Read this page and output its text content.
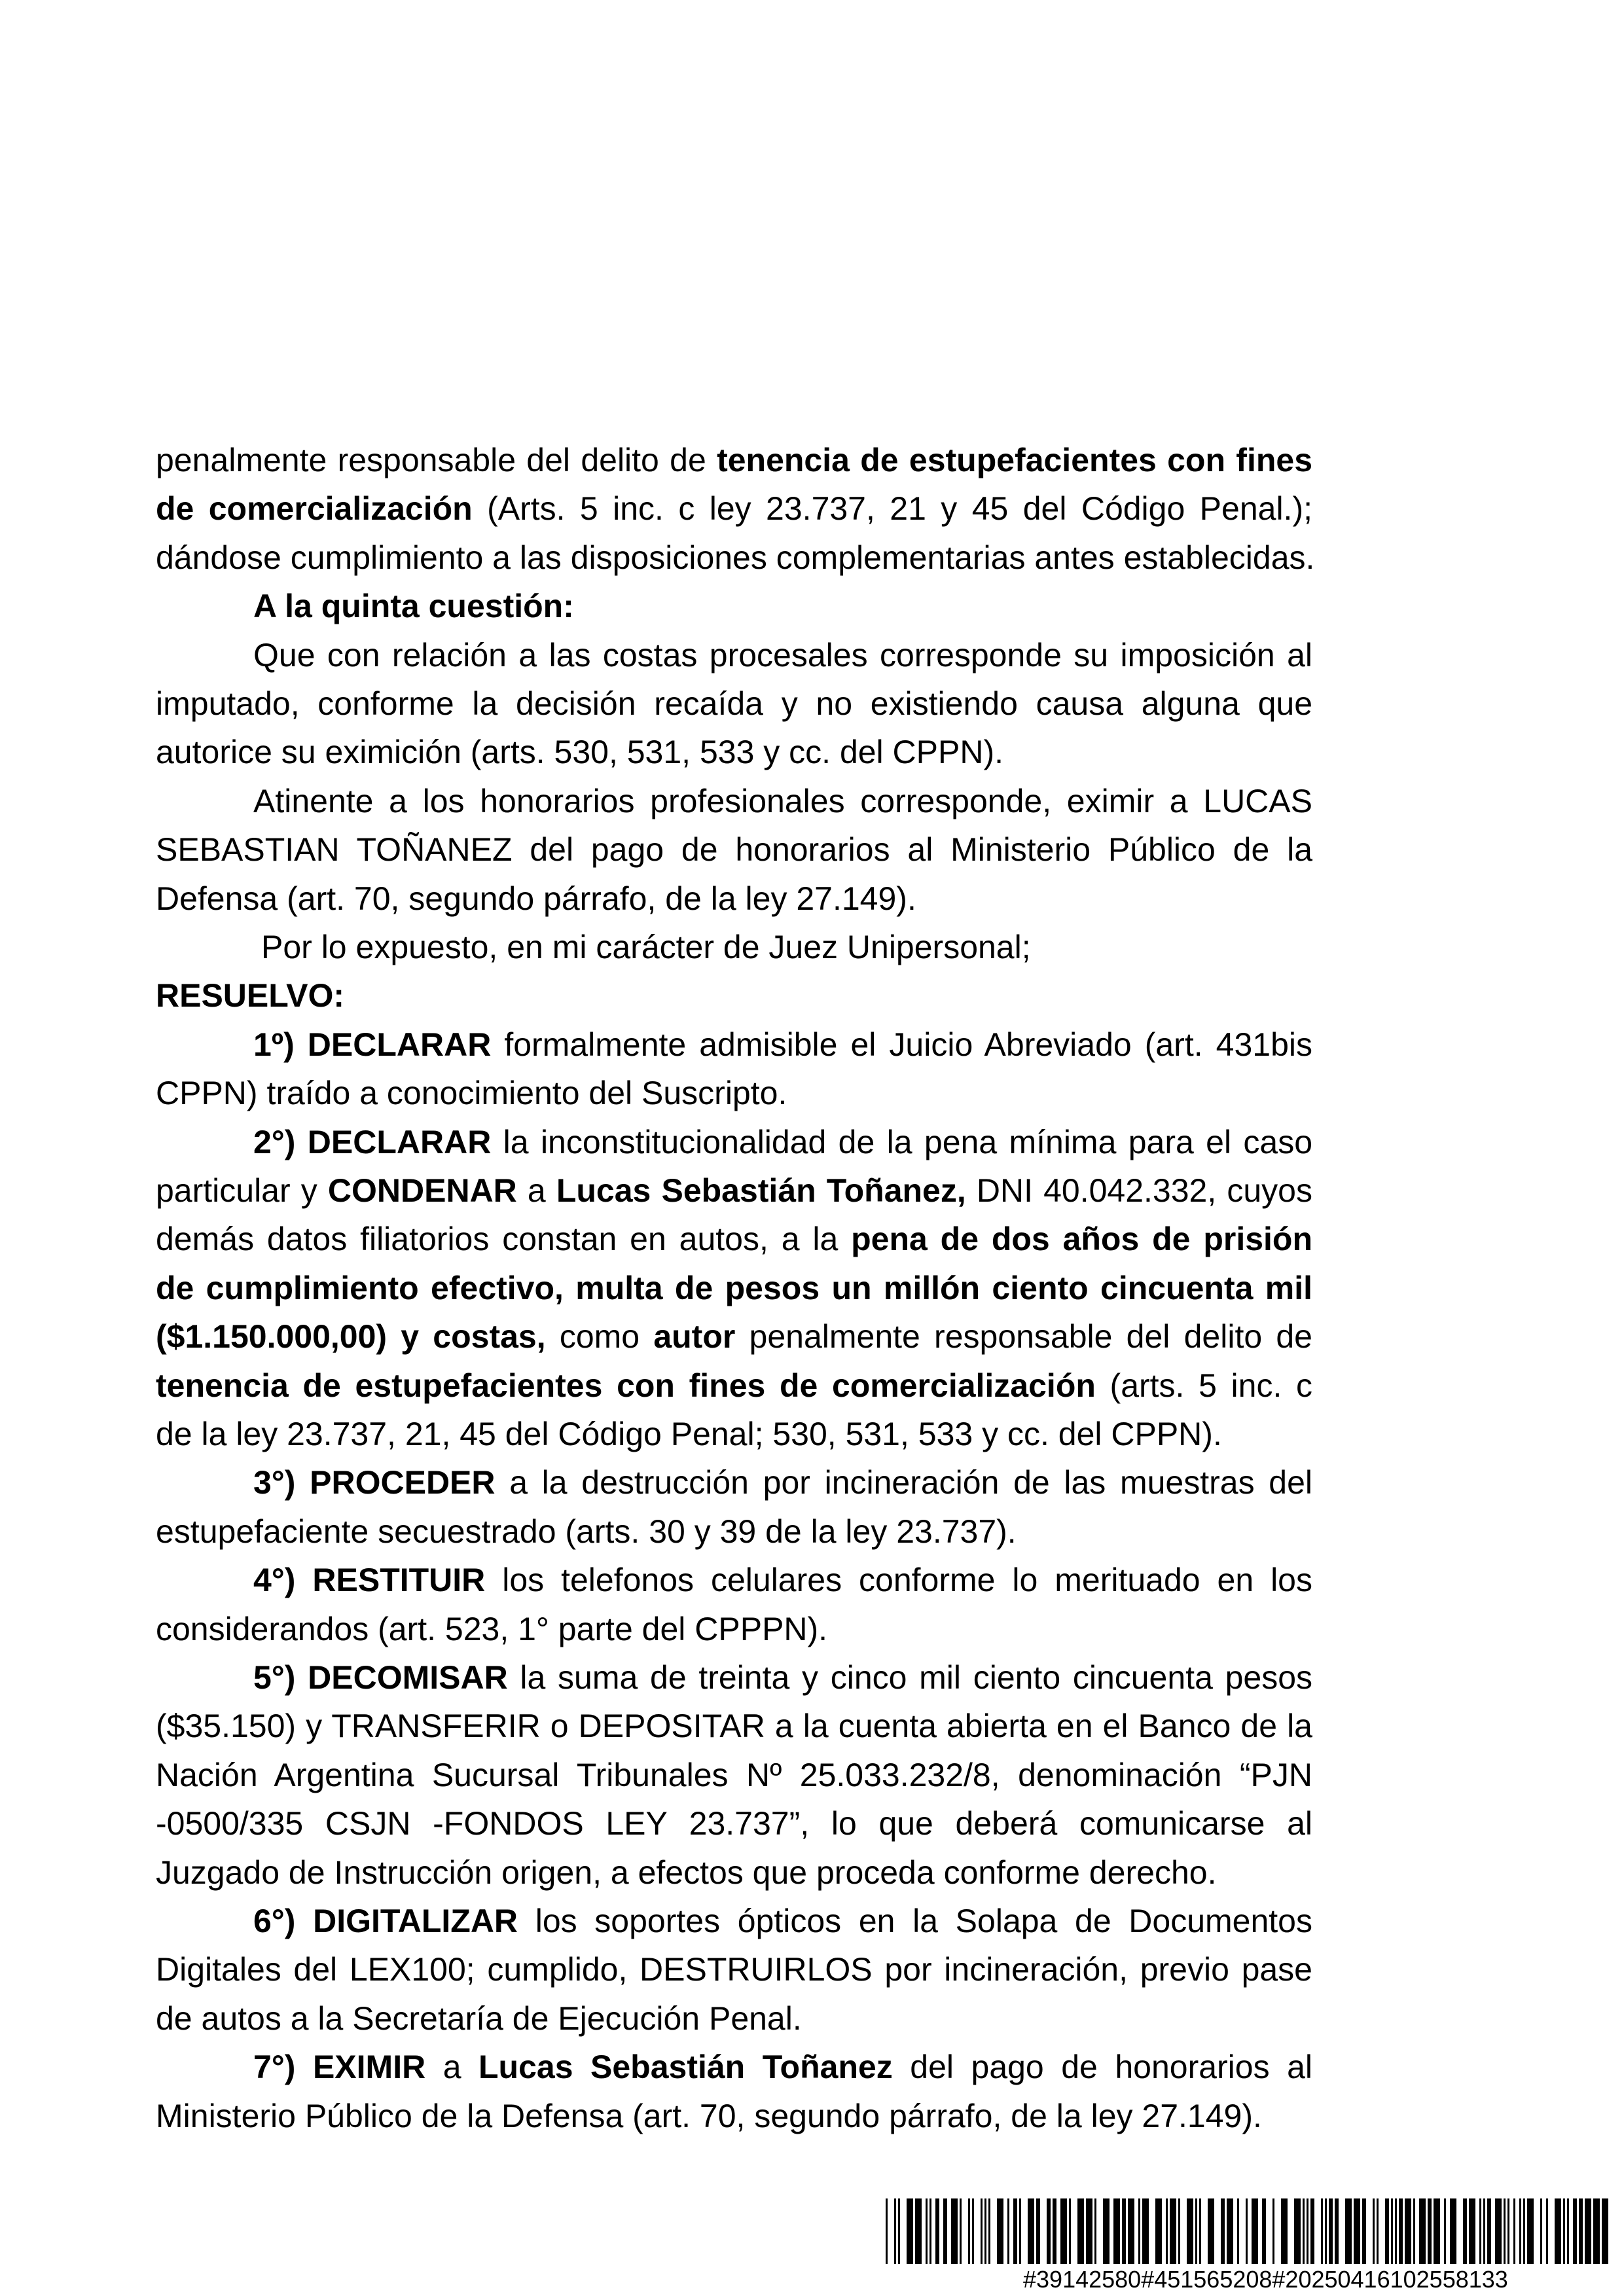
penalmente responsable del delito de tenencia de estupefacientes con fines
de comercialización (Arts. 5 inc. c ley 23.737, 21 y 45 del Código Penal.);
dándose cumplimiento a las disposiciones complementarias antes establecidas.
A la quinta cuestión:
Que con relación a las costas procesales corresponde su imposición al
imputado, conforme la decisión recaída y no existiendo causa alguna que
autorice su eximición (arts. 530, 531, 533 y cc. del CPPN).
Atinente a los honorarios profesionales corresponde, eximir a LUCAS
SEBASTIAN TOÑANEZ del pago de honorarios al Ministerio Público de la
Defensa (art. 70, segundo párrafo, de la ley 27.149).
Por lo expuesto, en mi carácter de Juez Unipersonal;
RESUELVO:
1º) DECLARAR formalmente admisible el Juicio Abreviado (art. 431bis
CPPN) traído a conocimiento del Suscripto.
2°) DECLARAR la inconstitucionalidad de la pena mínima para el caso
particular y CONDENAR a Lucas Sebastián Toñanez, DNI 40.042.332, cuyos
demás datos filiatorios constan en autos, a la pena de dos años de prisión
de cumplimiento efectivo, multa de pesos un millón ciento cincuenta mil
($1.150.000,00) y costas, como autor penalmente responsable del delito de
tenencia de estupefacientes con fines de comercialización (arts. 5 inc. c
de la ley 23.737, 21, 45 del Código Penal; 530, 531, 533 y cc. del CPPN).
3°) PROCEDER a la destrucción por incineración de las muestras del
estupefaciente secuestrado (arts. 30 y 39 de la ley 23.737).
4°) RESTITUIR los telefonos celulares conforme lo merituado en los
considerandos (art. 523, 1° parte del CPPPN).
5°) DECOMISAR la suma de treinta y cinco mil ciento cincuenta pesos
($35.150) y TRANSFERIR o DEPOSITAR a la cuenta abierta en el Banco de la
Nación Argentina Sucursal Tribunales Nº 25.033.232/8, denominación “PJN
-0500/335 CSJN -FONDOS LEY 23.737”, lo que deberá comunicarse al
Juzgado de Instrucción origen, a efectos que proceda conforme derecho.
6°) DIGITALIZAR los soportes ópticos en la Solapa de Documentos
Digitales del LEX100; cumplido, DESTRUIRLOS por incineración, previo pase
de autos a la Secretaría de Ejecución Penal.
7°) EXIMIR a Lucas Sebastián Toñanez del pago de honorarios al
Ministerio Público de la Defensa (art. 70, segundo párrafo, de la ley 27.149).
#39142580#451565208#20250416102558133
